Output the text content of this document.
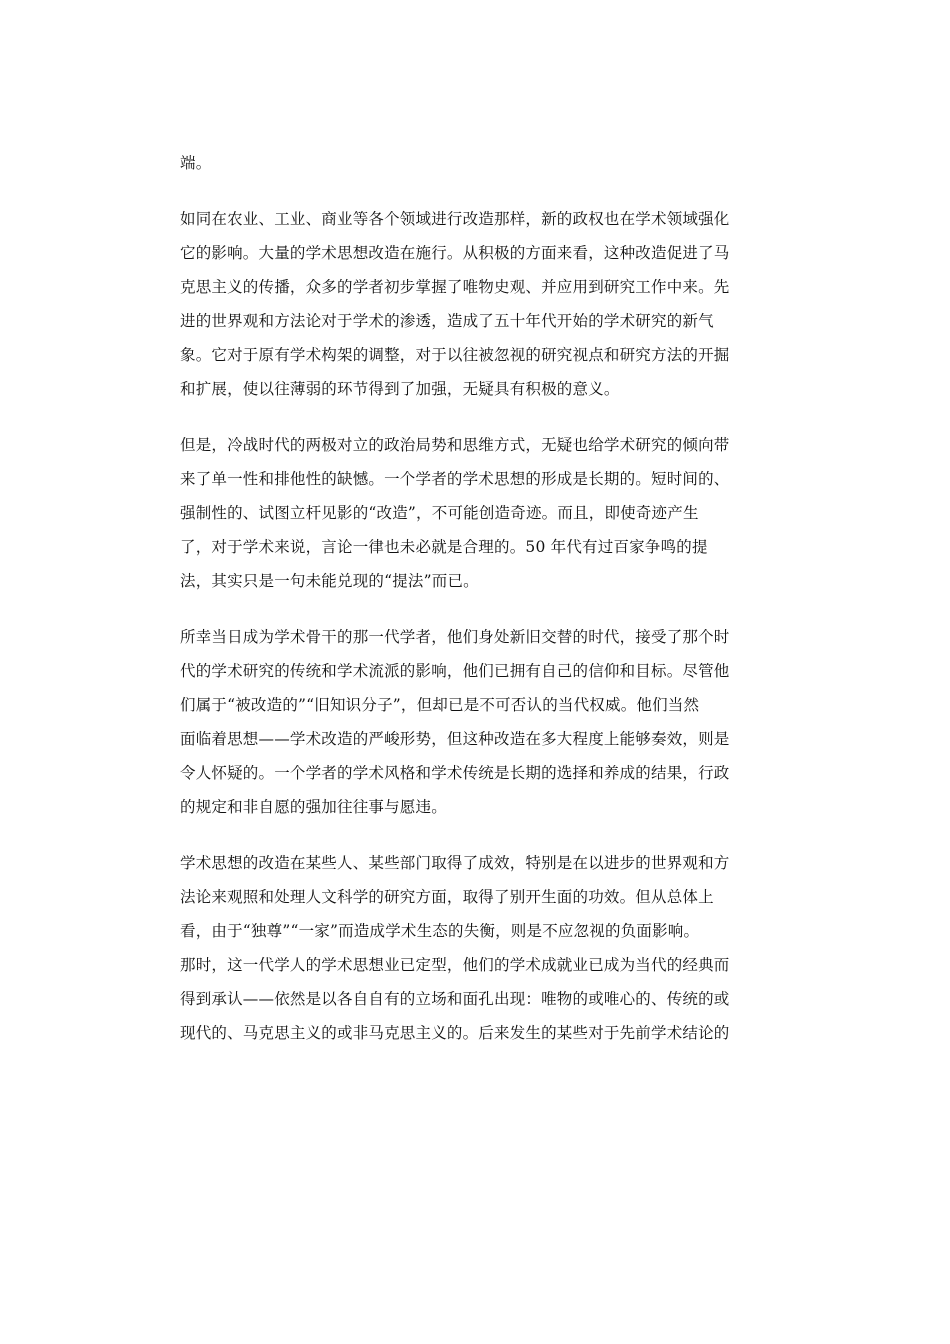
端。

如同在农业、工业、商业等各个领域进行改造那样，新的政权也在学术领域强化
它的影响。大量的学术思想改造在施行。从积极的方面来看，这种改造促进了马
克思主义的传播，众多的学者初步掌握了唯物史观、并应用到研究工作中来。先
进的世界观和方法论对于学术的渗透，造成了五十年代开始的学术研究的新气
象。它对于原有学术构架的调整，对于以往被忽视的研究视点和研究方法的开掘
和扩展，使以往薄弱的环节得到了加强，无疑具有积极的意义。

但是，冷战时代的两极对立的政治局势和思维方式，无疑也给学术研究的倾向带
来了单一性和排他性的缺憾。一个学者的学术思想的形成是长期的。短时间的、
强制性的、试图立杆见影的“改造”，不可能创造奇迹。而且，即使奇迹产生
了，对于学术来说，言论一律也未必就是合理的。50 年代有过百家争鸣的提
法，其实只是一句未能兑现的“提法”而已。

所幸当日成为学术骨干的那一代学者，他们身处新旧交替的时代，接受了那个时
代的学术研究的传统和学术流派的影响，他们已拥有自己的信仰和目标。尽管他
们属于“被改造的”“旧知识分子”，但却已是不可否认的当代权威。他们当然
面临着思想——学术改造的严峻形势，但这种改造在多大程度上能够奏效，则是
令人怀疑的。一个学者的学术风格和学术传统是长期的选择和养成的结果，行政
的规定和非自愿的强加往往事与愿违。

学术思想的改造在某些人、某些部门取得了成效，特别是在以进步的世界观和方
法论来观照和处理人文科学的研究方面，取得了别开生面的功效。但从总体上
看，由于“独尊”“一家”而造成学术生态的失衡，则是不应忽视的负面影响。
那时，这一代学人的学术思想业已定型，他们的学术成就业已成为当代的经典而
得到承认——依然是以各自自有的立场和面孔出现：唯物的或唯心的、传统的或
现代的、马克思主义的或非马克思主义的。后来发生的某些对于先前学术结论的
